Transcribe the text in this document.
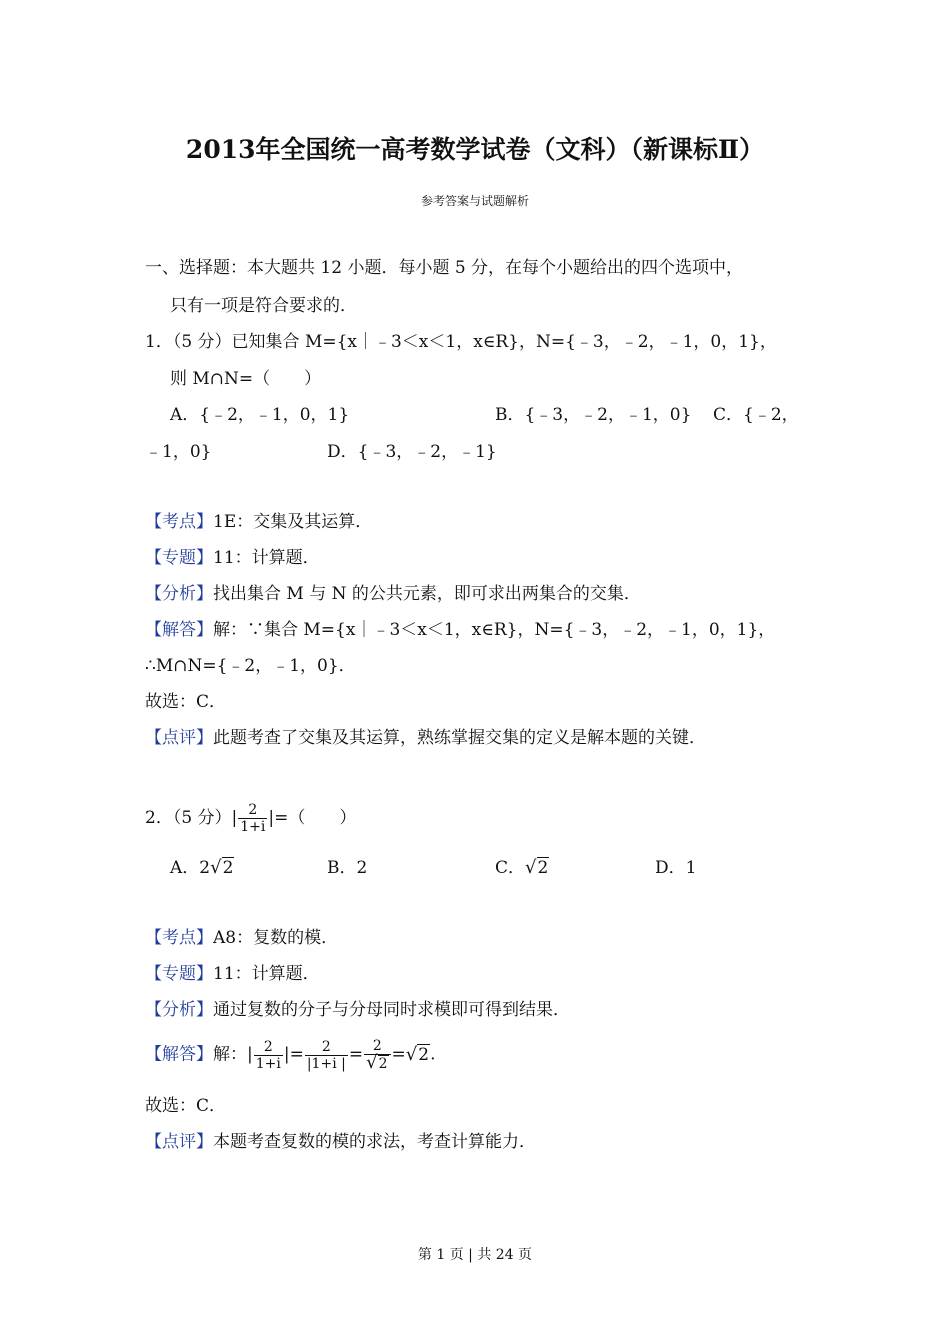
2013年全国统一高考数学试卷（文科）（新课标Ⅱ）
参考答案与试题解析
一、选择题：本大题共 12 小题．每小题 5 分，在每个小题给出的四个选项中，
只有一项是符合要求的．
1．（5 分）已知集合 M={x｜﹣3＜x＜1，x∈R}，N={﹣3，﹣2，﹣1，0，1}，
则 M∩N=（　　）
A．{﹣2，﹣1，0，1}	B．{﹣3，﹣2，﹣1，0} C．{﹣2，
﹣1，0}	D．{﹣3，﹣2，﹣1}
【考点】1E：交集及其运算．
【专题】11：计算题．
【分析】找出集合 M 与 N 的公共元素，即可求出两集合的交集．
【解答】解：∵集合 M={x｜﹣3＜x＜1，x∈R}，N={﹣3，﹣2，﹣1，0，1}，
∴M∩N={﹣2，﹣1，0}．
故选：C．
【点评】此题考查了交集及其运算，熟练掌握交集的定义是解本题的关键．
2．（5 分）| $\frac{2}{1+i}$ |=（　　）
A．2√2	B．2	C．√2	D．1
【考点】A8：复数的模．
【专题】11：计算题．
【分析】通过复数的分子与分母同时求模即可得到结果．
【解答】解：| $\frac{2}{1+i}$ |= $\frac{2}{|1+i |} = \frac{2}{√2} =√2$.
故选：C．
【点评】本题考查复数的模的求法，考查计算能力．
第 1 页 | 共 24 页
